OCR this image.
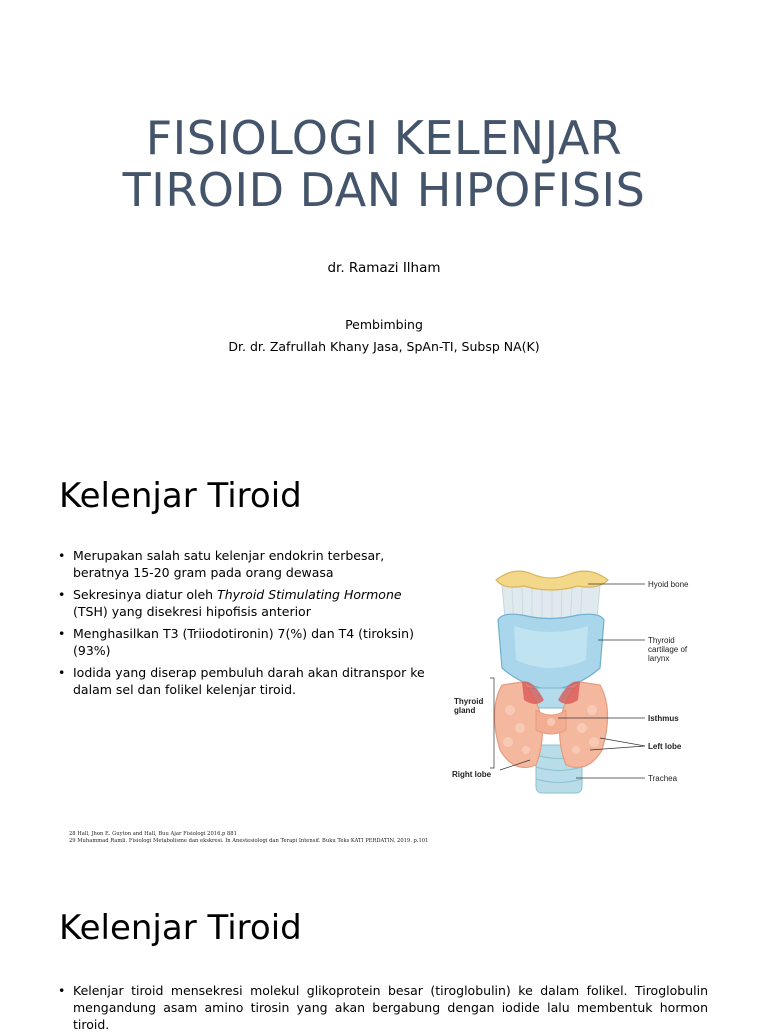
FISIOLOGI KELENJAR
TIROID DAN HIPOFISIS
dr. Ramazi Ilham
Pembimbing
Dr. dr. Zafrullah Khany Jasa, SpAn-TI, Subsp NA(K)
Kelenjar Tiroid
• Merupakan salah satu kelenjar endokrin terbesar, beratnya 15-20 gram pada orang dewasa
• Sekresinya diatur oleh Thyroid Stimulating Hormone (TSH) yang disekresi hipofisis anterior
• Menghasilkan T3 (Triiodotironin) 7(%) dan T4 (tiroksin) (93%)
• Iodida yang diserap pembuluh darah akan ditranspor ke dalam sel dan folikel kelenjar tiroid.
28 Hall, Jhon E. Guyton and Hall, Buu Ajar Fisiologi 2016.p 881
29 Muhammad Ramli. Fisiologi Metabolisme dan ekskresi. In Anestesiologi dan Terapi Intensif. Buku Teks KATI PERDATIN. 2019. p.101
Hyoid bone
Thyroid
cartilage of
larynx
Thyroid
gland
Isthmus
Left lobe
Right lobe	Trachea
Kelenjar Tiroid
• Kelenjar tiroid mensekresi molekul glikoprotein besar (tiroglobulin) ke dalam folikel. Tiroglobulin mengandung asam amino tirosin yang akan bergabung dengan iodide lalu membentuk hormon tiroid.
